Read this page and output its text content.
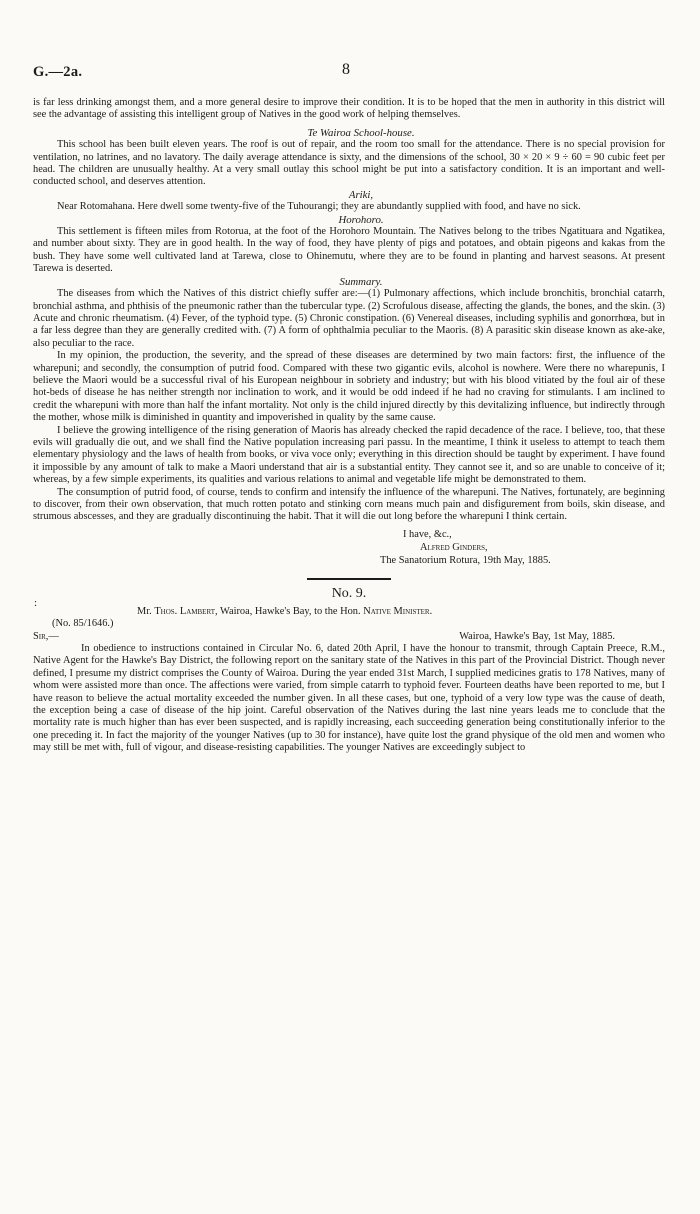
G.—2a.	8
:

is far less drinking amongst them, and a more general desire to improve their condition. It is to be hoped that the men in authority in this district will see the advantage of assisting this intelligent group of Natives in the good work of helping themselves.

Te Wairoa School-house.

This school has been built eleven years. The roof is out of repair, and the room too small for the attendance. There is no special provision for ventilation, no latrines, and no lavatory. The daily average attendance is sixty, and the dimensions of the school, 30 × 20 × 9 ÷ 60 = 90 cubic feet per head. The children are unusually healthy. At a very small outlay this school might be put into a satisfactory condition. It is an important and well-conducted school, and deserves attention.

Ariki,

Near Rotomahana. Here dwell some twenty-five of the Tuhourangi; they are abundantly supplied with food, and have no sick.

Horohoro.

This settlement is fifteen miles from Rotorua, at the foot of the Horohoro Mountain. The Natives belong to the tribes Ngatituara and Ngatikea, and number about sixty. They are in good health. In the way of food, they have plenty of pigs and potatoes, and obtain pigeons and kakas from the bush. They have some well cultivated land at Tarewa, close to Ohinemutu, where they are to be found in planting and harvest seasons. At present Tarewa is deserted.

Summary.

The diseases from which the Natives of this district chiefly suffer are:—(1) Pulmonary affections, which include bronchitis, bronchial catarrh, bronchial asthma, and phthisis of the pneumonic rather than the tubercular type. (2) Scrofulous disease, affecting the glands, the bones, and the skin. (3) Acute and chronic rheumatism. (4) Fever, of the typhoid type. (5) Chronic constipation. (6) Venereal diseases, including syphilis and gonorrhœa, but in a far less degree than they are generally credited with. (7) A form of ophthalmia peculiar to the Maoris. (8) A parasitic skin disease known as ake-ake, also peculiar to the race.

In my opinion, the production, the severity, and the spread of these diseases are determined by two main factors: first, the influence of the wharepuni; and secondly, the consumption of putrid food. Compared with these two gigantic evils, alcohol is nowhere. Were there no wharepunis, I believe the Maori would be a successful rival of his European neighbour in sobriety and industry; but with his blood vitiated by the foul air of these hot-beds of disease he has neither strength nor inclination to work, and it would be odd indeed if he had no craving for stimulants. I am inclined to credit the wharepuni with more than half the infant mortality. Not only is the child injured directly by this devitalizing influence, but indirectly through the mother, whose milk is diminished in quantity and impoverished in quality by the same cause.

I believe the growing intelligence of the rising generation of Maoris has already checked the rapid decadence of the race. I believe, too, that these evils will gradually die out, and we shall find the Native population increasing pari passu. In the meantime, I think it useless to attempt to teach them elementary physiology and the laws of health from books, or viva voce only; everything in this direction should be taught by experiment. I have found it impossible by any amount of talk to make a Maori understand that air is a substantial entity. They cannot see it, and so are unable to conceive of it; whereas, by a few simple experiments, its qualities and various relations to animal and vegetable life might be demonstrated to them.

The consumption of putrid food, of course, tends to confirm and intensify the influence of the wharepuni. The Natives, fortunately, are beginning to discover, from their own observation, that much rotten potato and stinking corn means much pain and disfigurement from boils, skin disease, and strumous abscesses, and they are gradually discontinuing the habit. That it will die out long before the wharepuni I think certain.

I have, &c.,
Alfred Ginders,
The Sanatorium Rotura, 19th May, 1885.
No. 9.

Mr. Thos. Lambert, Wairoa, Hawke's Bay, to the Hon. Native Minister.

(No. 85/1646.)

Sir,—	Wairoa, Hawke's Bay, 1st May, 1885.

In obedience to instructions contained in Circular No. 6, dated 20th April, I have the honour to transmit, through Captain Preece, R.M., Native Agent for the Hawke's Bay District, the following report on the sanitary state of the Natives in this part of the Provincial District. Though never defined, I presume my district comprises the County of Wairoa. During the year ended 31st March, I supplied medicines gratis to 178 Natives, many of whom were assisted more than once. The affections were varied, from simple catarrh to typhoid fever. Fourteen deaths have been reported to me, but I have reason to believe the actual mortality exceeded the number given. In all these cases, but one, typhoid of a very low type was the cause of death, the exception being a case of disease of the hip joint. Careful observation of the Natives during the last nine years leads me to conclude that the mortality rate is much higher than has ever been suspected, and is rapidly increasing, each succeeding generation being constitutionally inferior to the one preceding it. In fact the majority of the younger Natives (up to 30 for instance), have quite lost the grand physique of the old men and women who may still be met with, full of vigour, and disease-resisting capabilities. The younger Natives are exceedingly subject to
